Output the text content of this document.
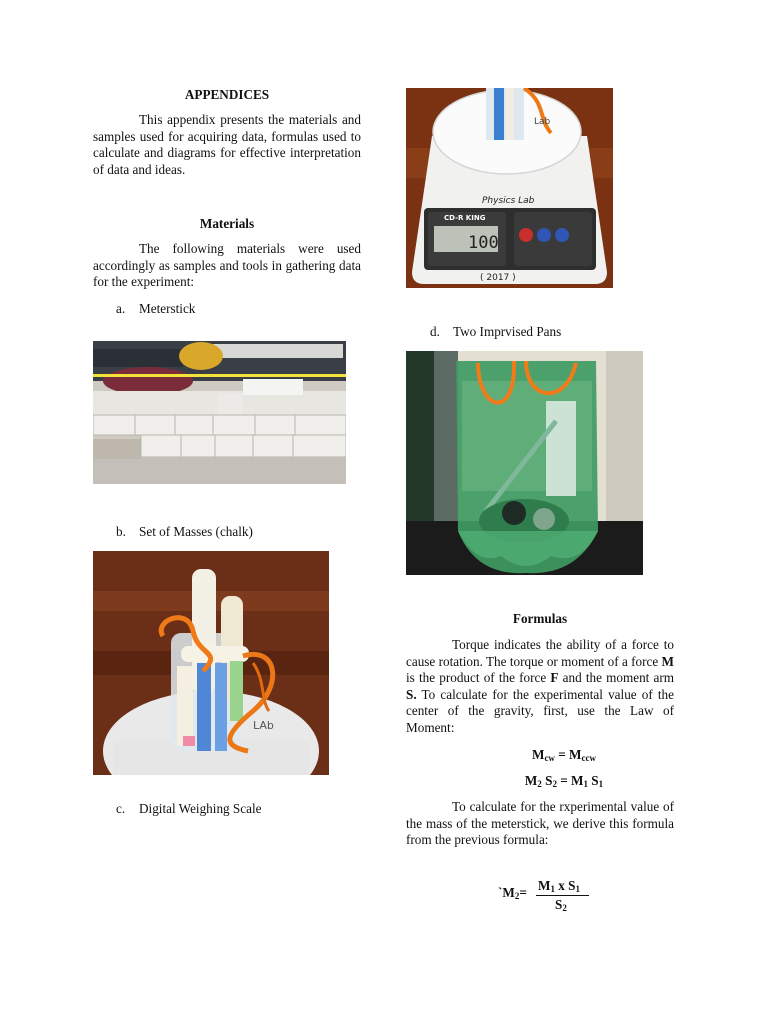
APPENDICES
This appendix presents the materials and samples used for acquiring data, formulas used to calculate and diagrams for effective interpretation of data and ideas.
Materials
The following materials were used accordingly as samples and tools in gathering data for the experiment:
a. Meterstick
b. Set of Masses (chalk)
LAb
c. Digital Weighing Scale
Lab
Physics Lab
CD-R KING
100
( 2017 )
d. Two Imprvised Pans
Formulas
Torque indicates the ability of a force to cause rotation. The torque or moment of a force M is the product of the force F and the moment arm S. To calculate for the experimental value of the center of the gravity, first, use the Law of Moment:
$M_{cw} = M_{ccw}$
$M_2$ $S_2 = M_1$ $S_1$
To calculate for the rxperimental value of the mass of the meterstick, we derive this formula from the previous formula:
$`M_2= M_1$ x $S_1$
$S_2$
